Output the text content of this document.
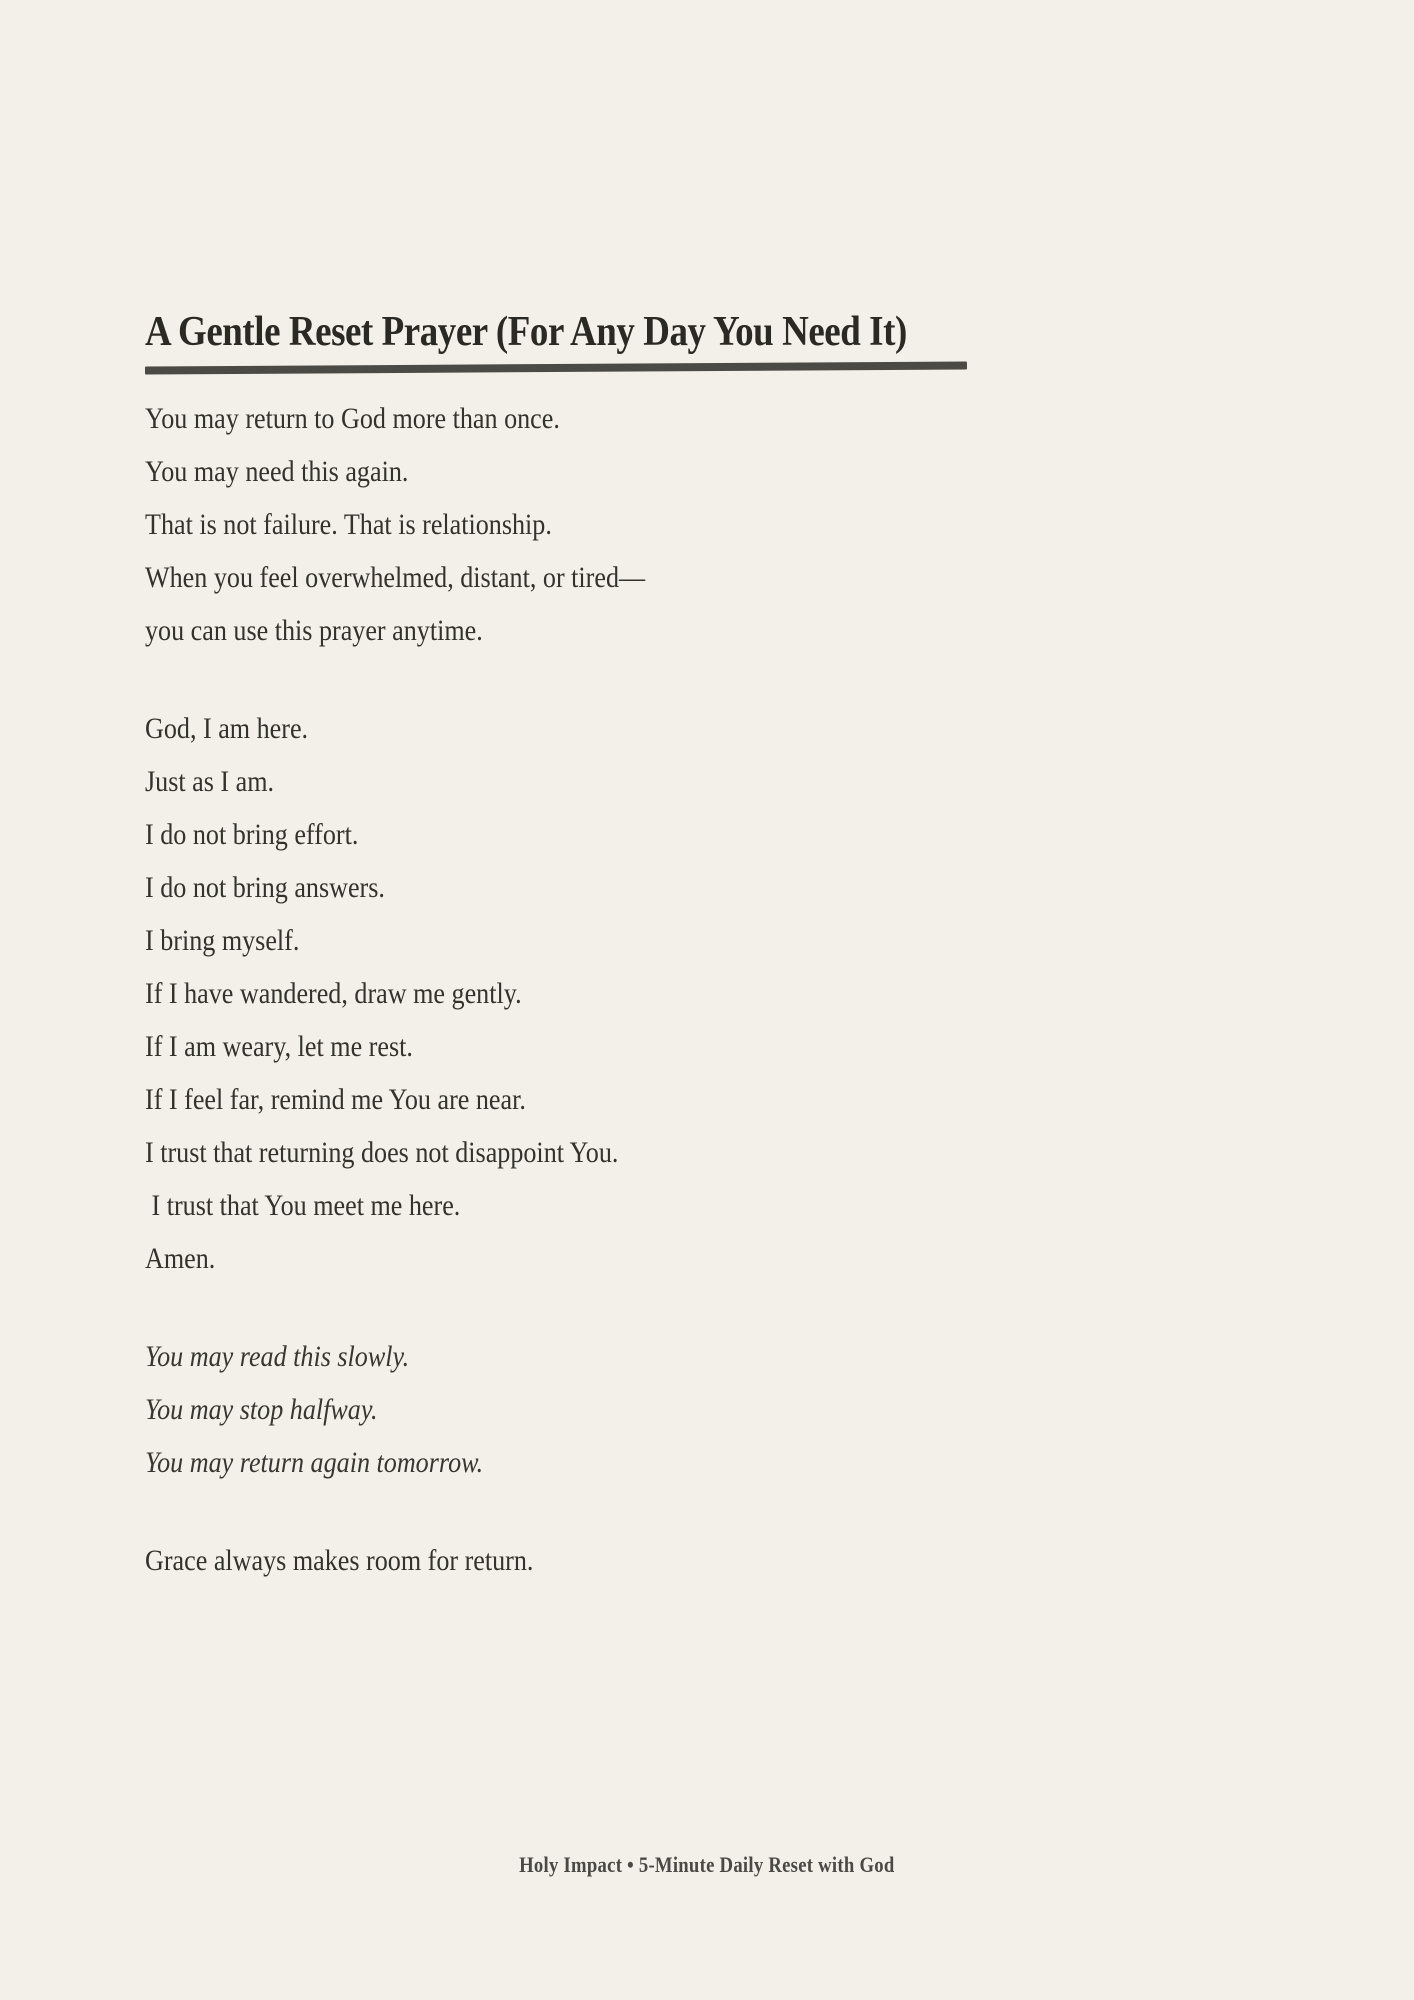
A Gentle Reset Prayer (For Any Day You Need It)
You may return to God more than once.
You may need this again.
That is not failure. That is relationship.
When you feel overwhelmed, distant, or tired—
you can use this prayer anytime.
God, I am here.
Just as I am.
I do not bring effort.
I do not bring answers.
I bring myself.
If I have wandered, draw me gently.
If I am weary, let me rest.
If I feel far, remind me You are near.
I trust that returning does not disappoint You.
I trust that You meet me here.
Amen.
You may read this slowly.
You may stop halfway.
You may return again tomorrow.
Grace always makes room for return.
Holy Impact • 5-Minute Daily Reset with God
